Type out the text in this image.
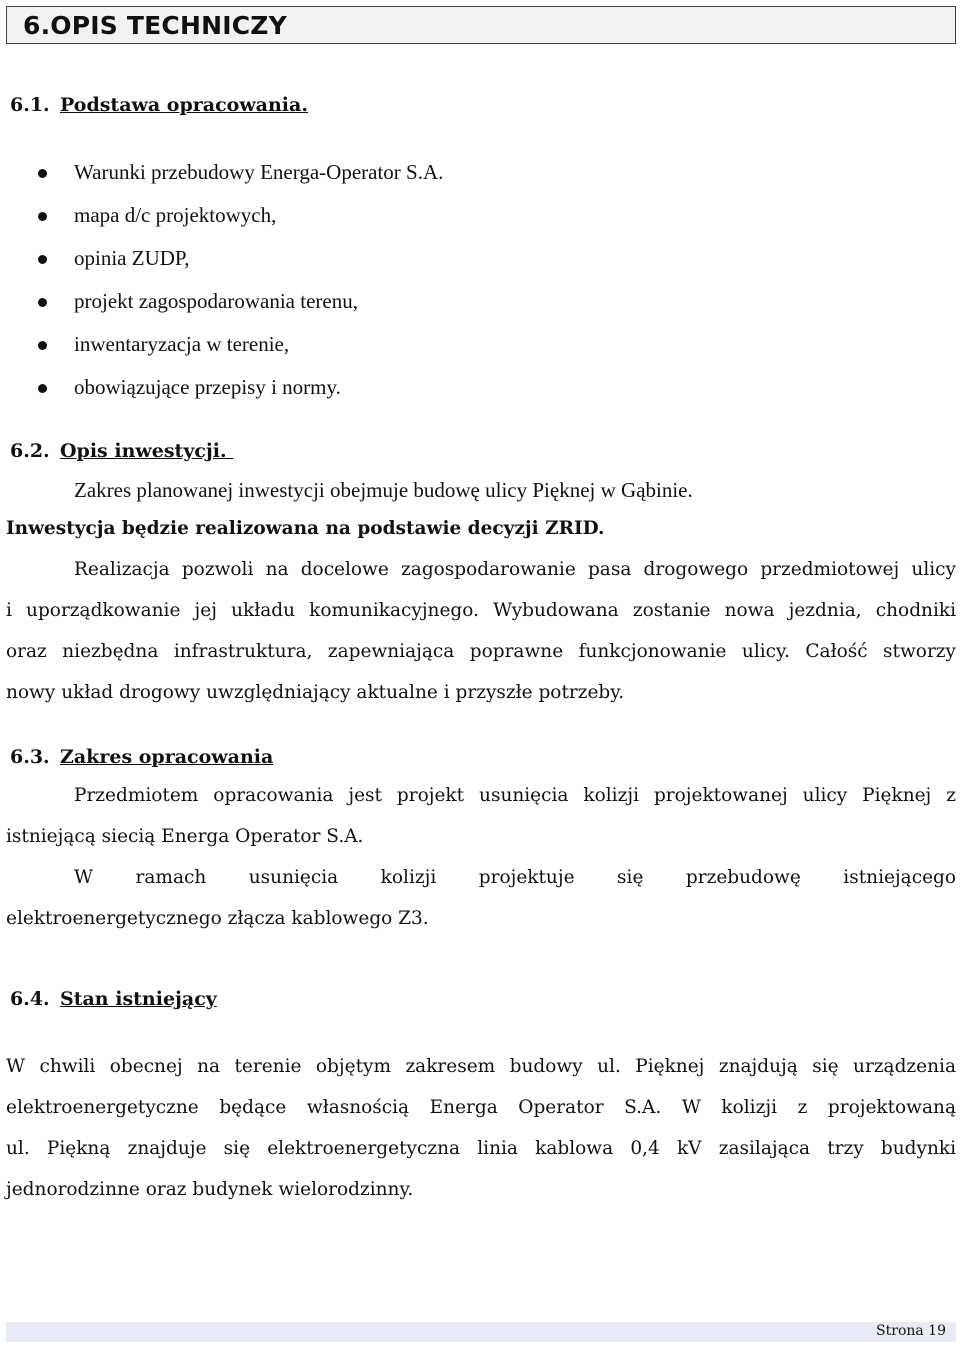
6.OPIS TECHNICZY
6.1. Podstawa opracowania.
Warunki przebudowy Energa-Operator S.A.
mapa d/c projektowych,
opinia ZUDP,
projekt zagospodarowania terenu,
inwentaryzacja w terenie,
obowiązujące przepisy i normy.
6.2. Opis inwestycji.
Zakres planowanej inwestycji obejmuje budowę ulicy Pięknej w Gąbinie.
Inwestycja będzie realizowana na podstawie decyzji ZRID.
Realizacja pozwoli na docelowe zagospodarowanie pasa drogowego przedmiotowej ulicy
i uporządkowanie jej układu komunikacyjnego. Wybudowana zostanie nowa jezdnia, chodniki
oraz niezbędna infrastruktura, zapewniająca poprawne funkcjonowanie ulicy. Całość stworzy
nowy układ drogowy uwzględniający aktualne i przyszłe potrzeby.
6.3. Zakres opracowania
Przedmiotem opracowania jest projekt usunięcia kolizji projektowanej ulicy Pięknej z
istniejącą siecią Energa Operator S.A.
W ramach usunięcia kolizji projektuje się przebudowę istniejącego
elektroenergetycznego złącza kablowego Z3.
6.4. Stan istniejący
W chwili obecnej na terenie objętym zakresem budowy ul. Pięknej znajdują się urządzenia
elektroenergetyczne będące własnością Energa Operator S.A. W kolizji z projektowaną
ul. Piękną znajduje się elektroenergetyczna linia kablowa 0,4 kV zasilająca trzy budynki
jednorodzinne oraz budynek wielorodzinny.
Strona 19
